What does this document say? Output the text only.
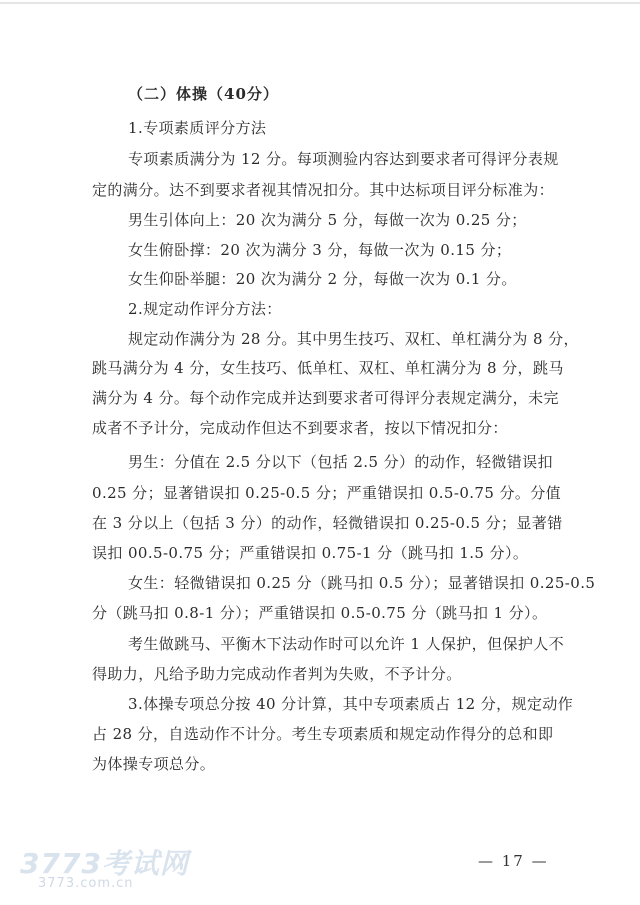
（二）体操（40分）
1.专项素质评分方法
专项素质满分为 12 分。每项测验内容达到要求者可得评分表规
定的满分。达不到要求者视其情况扣分。其中达标项目评分标准为：
男生引体向上：20 次为满分 5 分，每做一次为 0.25 分；
女生俯卧撑：20 次为满分 3 分，每做一次为 0.15 分；
女生仰卧举腿：20 次为满分 2 分，每做一次为 0.1 分。
2.规定动作评分方法：
规定动作满分为 28 分。其中男生技巧、双杠、单杠满分为 8 分，
跳马满分为 4 分，女生技巧、低单杠、双杠、单杠满分为 8 分，跳马
满分为 4 分。每个动作完成并达到要求者可得评分表规定满分，未完
成者不予计分，完成动作但达不到要求者，按以下情况扣分：
男生：分值在 2.5 分以下（包括 2.5 分）的动作，轻微错误扣
0.25 分；显著错误扣 0.25-0.5 分；严重错误扣 0.5-0.75 分。分值
在 3 分以上（包括 3 分）的动作，轻微错误扣 0.25-0.5 分；显著错
误扣 00.5-0.75 分；严重错误扣 0.75-1 分（跳马扣 1.5 分）。
女生：轻微错误扣 0.25 分（跳马扣 0.5 分）；显著错误扣 0.25-0.5
分（跳马扣 0.8-1 分）；严重错误扣 0.5-0.75 分（跳马扣 1 分）。
考生做跳马、平衡木下法动作时可以允许 1 人保护，但保护人不
得助力，凡给予助力完成动作者判为失败，不予计分。
3.体操专项总分按 40 分计算，其中专项素质占 12 分，规定动作
占 28 分，自选动作不计分。考生专项素质和规定动作得分的总和即
为体操专项总分。
— 17 —
3773考试网
3773.com.cn
